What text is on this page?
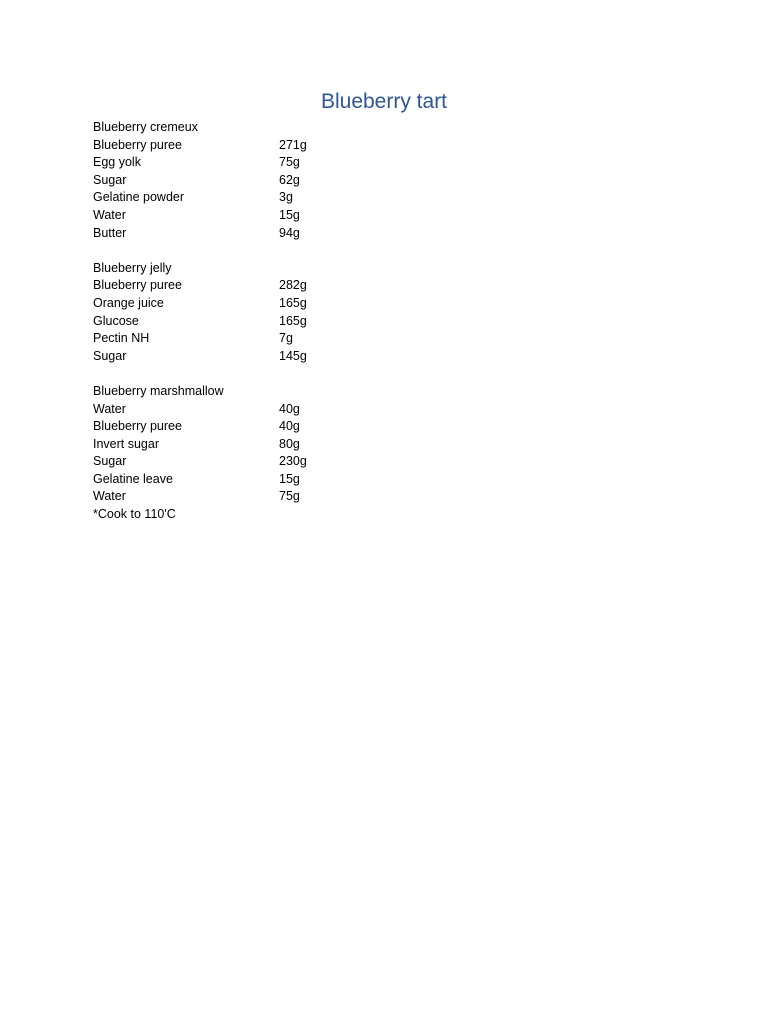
Blueberry tart
Blueberry cremeux
Blueberry puree	271g
Egg yolk	75g
Sugar	62g
Gelatine powder	3g
Water	15g
Butter	94g
Blueberry jelly
Blueberry puree	282g
Orange juice	165g
Glucose	165g
Pectin NH	7g
Sugar	145g
Blueberry marshmallow
Water	40g
Blueberry puree	40g
Invert sugar	80g
Sugar	230g
Gelatine leave	15g
Water	75g
*Cook to 110'C
